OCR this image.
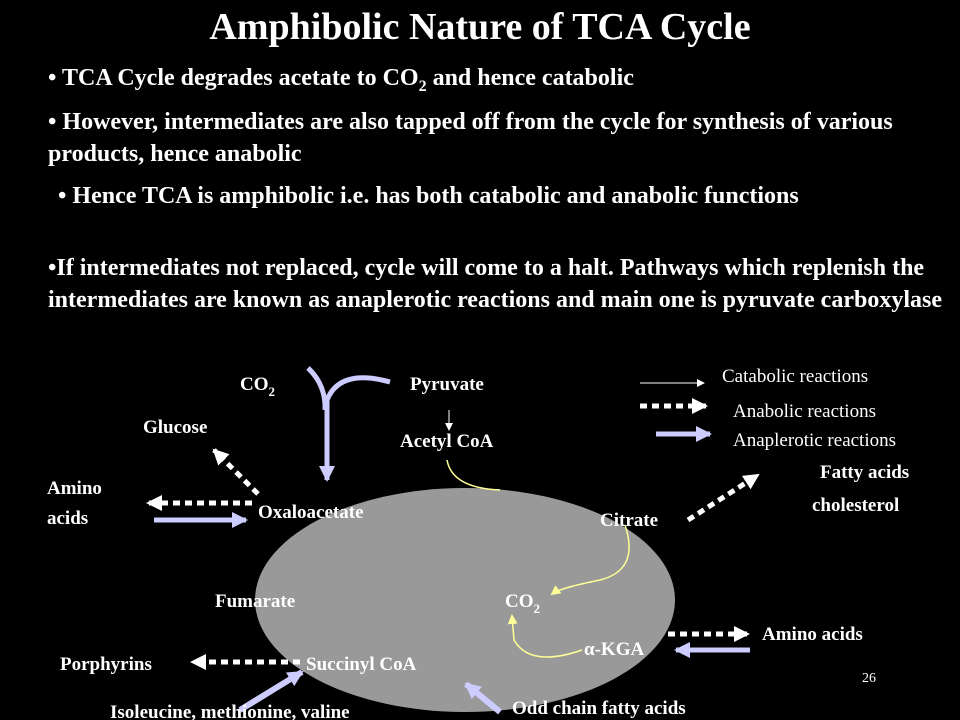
Amphibolic Nature of TCA Cycle
• TCA Cycle degrades acetate to $CO_2$ and hence catabolic
• However, intermediates are also tapped off from the cycle for synthesis of various products, hence anabolic
• Hence TCA is amphibolic i.e. has both catabolic and anabolic functions
•If intermediates not replaced, cycle will come to a halt. Pathways which replenish the intermediates are known as anaplerotic reactions and main one is pyruvate carboxylase
Catabolic reactions
Anabolic reactions
Anaplerotic reactions
$CO_2$	Pyruvate
Acetyl CoA
Glucose
Amino
acids	Oxaloacetate	Citrate
Fatty acids
cholesterol
Fumarate	$CO_2$
α-KGA
Amino acids
Porphyrins	Succinyl CoA
Isoleucine, methionine, valine	Odd chain fatty acids
26
